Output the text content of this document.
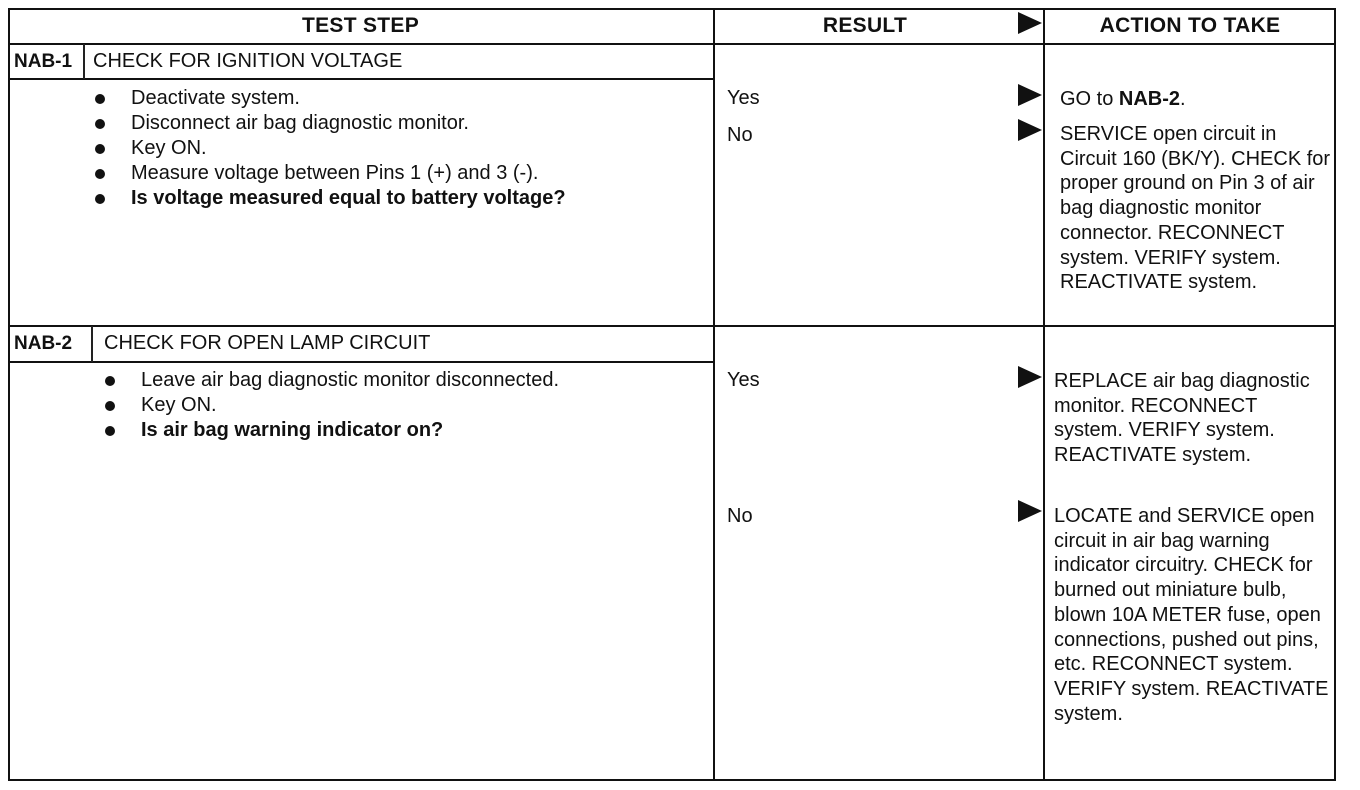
TEST STEP	RESULT	ACTION TO TAKE
NAB-1 CHECK FOR IGNITION VOLTAGE
Deactivate system.
Disconnect air bag diagnostic monitor.
Key ON.
Measure voltage between Pins 1 (+) and 3 (-).
Is voltage measured equal to battery voltage?
Yes	GO to NAB-2.
No	SERVICE open circuit in Circuit 160 (BK/Y). CHECK for proper ground on Pin 3 of air bag diagnostic monitor connector. RECONNECT system. VERIFY system. REACTIVATE system.
NAB-2 CHECK FOR OPEN LAMP CIRCUIT
Leave air bag diagnostic monitor disconnected.
Key ON.
Is air bag warning indicator on?
Yes	REPLACE air bag diagnostic monitor. RECONNECT system. VERIFY system. REACTIVATE system.
No	LOCATE and SERVICE open circuit in air bag warning indicator circuitry. CHECK for burned out miniature bulb, blown 10A METER fuse, open connections, pushed out pins, etc. RECONNECT system. VERIFY system. REACTIVATE system.
